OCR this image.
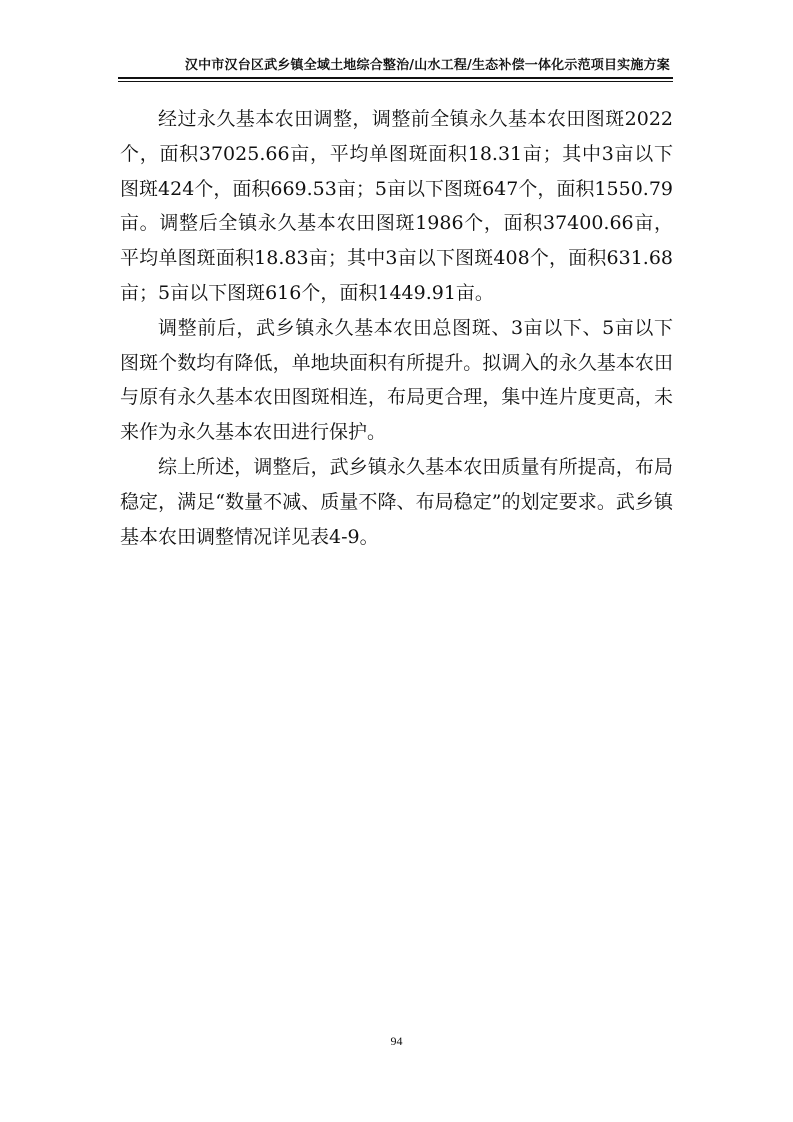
汉中市汉台区武乡镇全域土地综合整治/山水工程/生态补偿一体化示范项目实施方案

经过永久基本农田调整，调整前全镇永久基本农田图斑2022个，面积37025.66亩，平均单图斑面积18.31亩；其中3亩以下图斑424个，面积669.53亩；5亩以下图斑647个，面积1550.79亩。调整后全镇永久基本农田图斑1986个，面积37400.66亩，平均单图斑面积18.83亩；其中3亩以下图斑408个，面积631.68亩；5亩以下图斑616个，面积1449.91亩。

调整前后，武乡镇永久基本农田总图斑、3亩以下、5亩以下图斑个数均有降低，单地块面积有所提升。拟调入的永久基本农田与原有永久基本农田图斑相连，布局更合理，集中连片度更高，未来作为永久基本农田进行保护。

综上所述，调整后，武乡镇永久基本农田质量有所提高，布局稳定，满足“数量不减、质量不降、布局稳定”的划定要求。武乡镇基本农田调整情况详见表4-9。

94
